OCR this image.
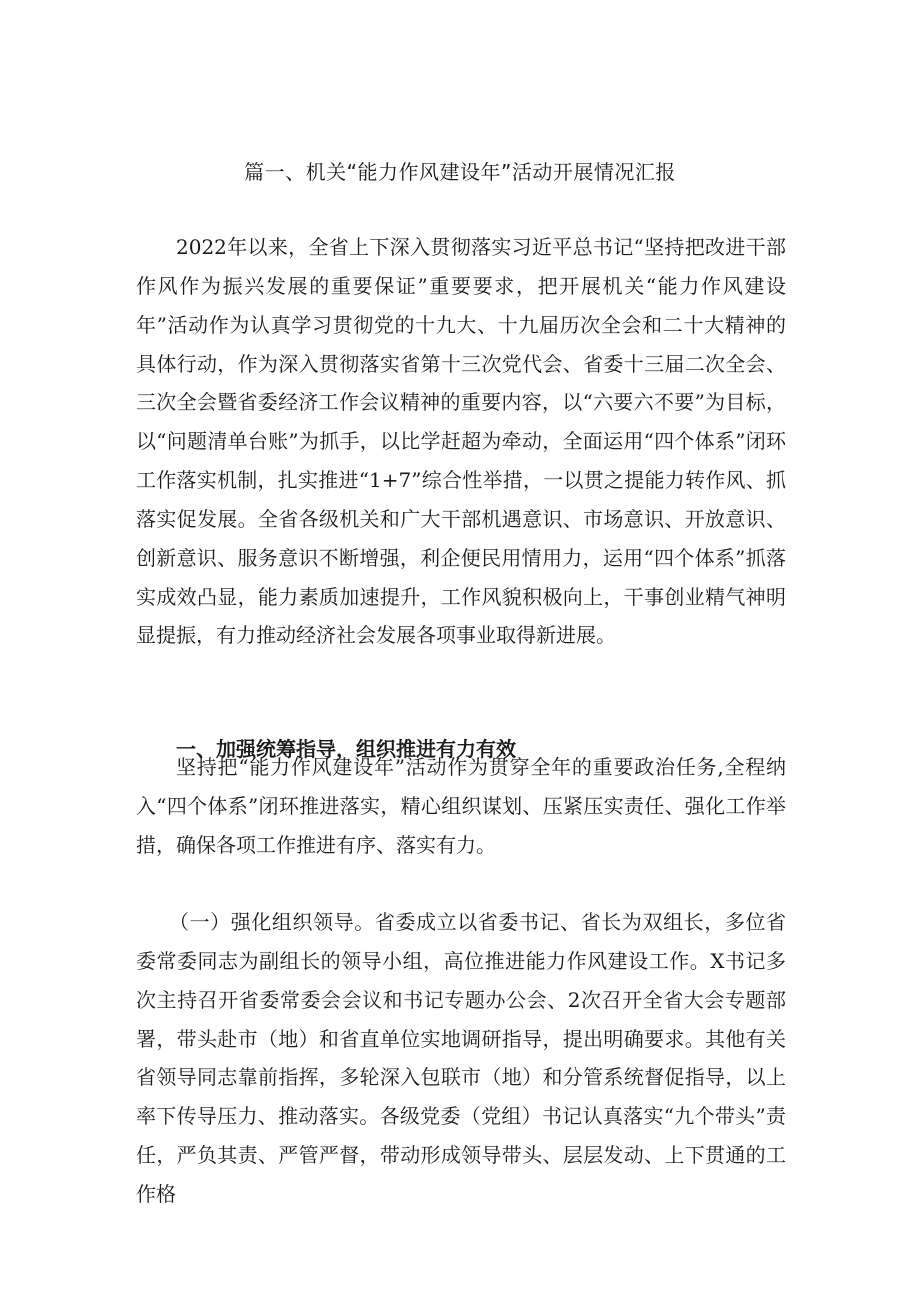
篇一、机关“能力作风建设年”活动开展情况汇报

2022年以来，全省上下深入贯彻落实习近平总书记“坚持把改进干部作风作为振兴发展的重要保证”重要要求，把开展机关“能力作风建设年”活动作为认真学习贯彻党的十九大、十九届历次全会和二十大精神的具体行动，作为深入贯彻落实省第十三次党代会、省委十三届二次全会、三次全会暨省委经济工作会议精神的重要内容，以“六要六不要”为目标，以“问题清单台账”为抓手，以比学赶超为牵动，全面运用“四个体系”闭环工作落实机制，扎实推进“1+7”综合性举措，一以贯之提能力转作风、抓落实促发展。全省各级机关和广大干部机遇意识、市场意识、开放意识、创新意识、服务意识不断增强，利企便民用情用力，运用“四个体系”抓落实成效凸显，能力素质加速提升，工作风貌积极向上，干事创业精气神明显提振，有力推动经济社会发展各项事业取得新进展。

一、加强统筹指导，组织推进有力有效

坚持把“能力作风建设年”活动作为贯穿全年的重要政治任务,全程纳入“四个体系”闭环推进落实，精心组织谋划、压紧压实责任、强化工作举措，确保各项工作推进有序、落实有力。

（一）强化组织领导。省委成立以省委书记、省长为双组长，多位省委常委同志为副组长的领导小组，高位推进能力作风建设工作。X书记多次主持召开省委常委会会议和书记专题办公会、2次召开全省大会专题部署，带头赴市（地）和省直单位实地调研指导，提出明确要求。其他有关省领导同志靠前指挥，多轮深入包联市（地）和分管系统督促指导，以上率下传导压力、推动落实。各级党委（党组）书记认真落实“九个带头”责任，严负其责、严管严督，带动形成领导带头、层层发动、上下贯通的工作格
